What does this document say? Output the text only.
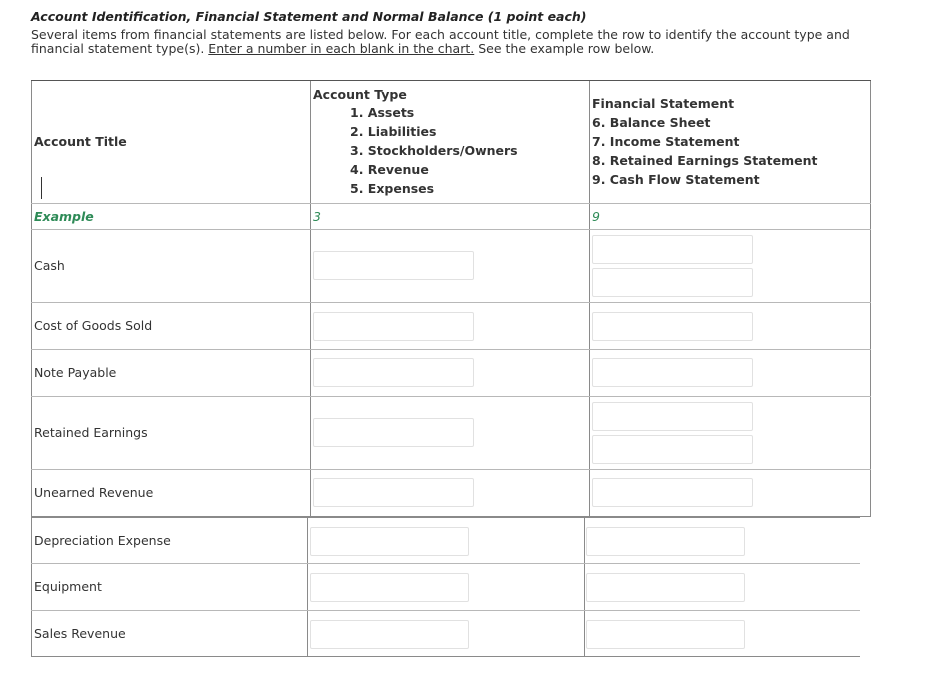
Account Identification, Financial Statement and Normal Balance (1 point each)
Several items from financial statements are listed below. For each account title, complete the row to identify the account type and financial statement type(s). Enter a number in each blank in the chart. See the example row below.
Account Title
Account Type
1. Assets
2. Liabilities
3. Stockholders/Owners
4. Revenue
5. Expenses
Financial Statement
6. Balance Sheet
7. Income Statement
8. Retained Earnings Statement
9. Cash Flow Statement
Example	3	9
Cash
Cost of Goods Sold
Note Payable
Retained Earnings
Unearned Revenue
Depreciation Expense
Equipment
Sales Revenue
